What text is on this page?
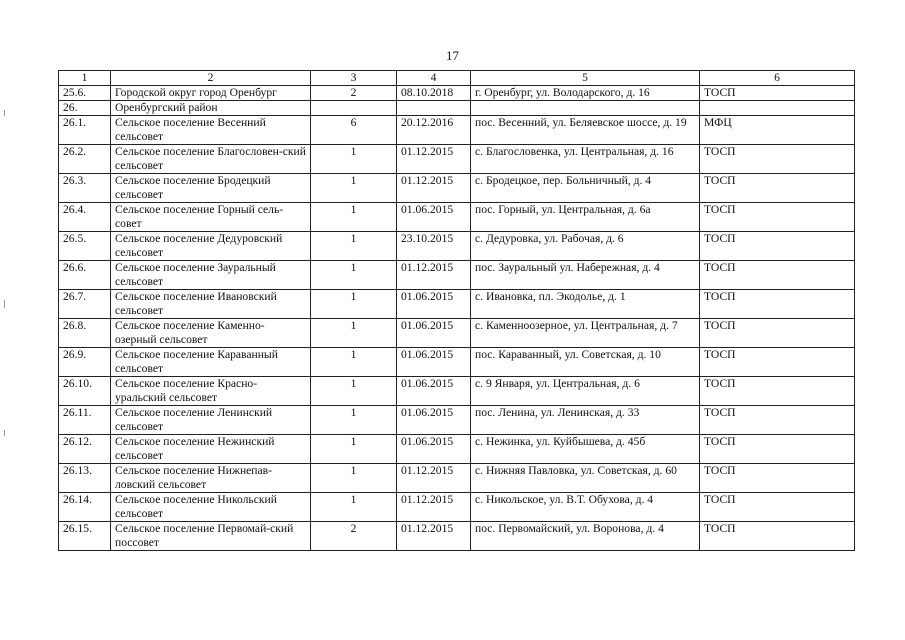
17
1	2	3	4	5	6
25.6.	Городской округ город Оренбург	2	08.10.2018	г. Оренбург, ул. Володарского, д. 16	ТОСП
26.	Оренбургский район				
26.1.	Сельское поселение Весенний сельсовет	6	20.12.2016	пос. Весенний, ул. Беляевское шоссе, д. 19	МФЦ
26.2.	Сельское поселение Благословен-ский сельсовет	1	01.12.2015	с. Благословенка, ул. Центральная, д. 16	ТОСП
26.3.	Сельское поселение Бродецкий сельсовет	1	01.12.2015	с. Бродецкое, пер. Больничный, д. 4	ТОСП
26.4.	Сельское поселение Горный сель-совет	1	01.06.2015	пос. Горный, ул. Центральная, д. 6а	ТОСП
26.5.	Сельское поселение Дедуровский сельсовет	1	23.10.2015	с. Дедуровка, ул. Рабочая, д. 6	ТОСП
26.6.	Сельское поселение Зауральный сельсовет	1	01.12.2015	пос. Зауральный ул. Набережная, д. 4	ТОСП
26.7.	Сельское поселение Ивановский сельсовет	1	01.06.2015	с. Ивановка, пл. Экодолье, д. 1	ТОСП
26.8.	Сельское поселение Каменно-озерный сельсовет	1	01.06.2015	с. Каменноозерное, ул. Центральная, д. 7	ТОСП
26.9.	Сельское поселение Караванный сельсовет	1	01.06.2015	пос. Караванный, ул. Советская, д. 10	ТОСП
26.10.	Сельское поселение Красно-уральский сельсовет	1	01.06.2015	с. 9 Января, ул. Центральная, д. 6	ТОСП
26.11.	Сельское поселение Ленинский сельсовет	1	01.06.2015	пос. Ленина, ул. Ленинская, д. 33	ТОСП
26.12.	Сельское поселение Нежинский сельсовет	1	01.06.2015	с. Нежинка, ул. Куйбышева, д. 45б	ТОСП
26.13.	Сельское поселение Нижнепав-ловский сельсовет	1	01.12.2015	с. Нижняя Павловка, ул. Советская, д. 60	ТОСП
26.14.	Сельское поселение Никольский сельсовет	1	01.12.2015	с. Никольское, ул. В.Т. Обухова, д. 4	ТОСП
26.15.	Сельское поселение Первомай-ский поссовет	2	01.12.2015	пос. Первомайский, ул. Воронова, д. 4	ТОСП
